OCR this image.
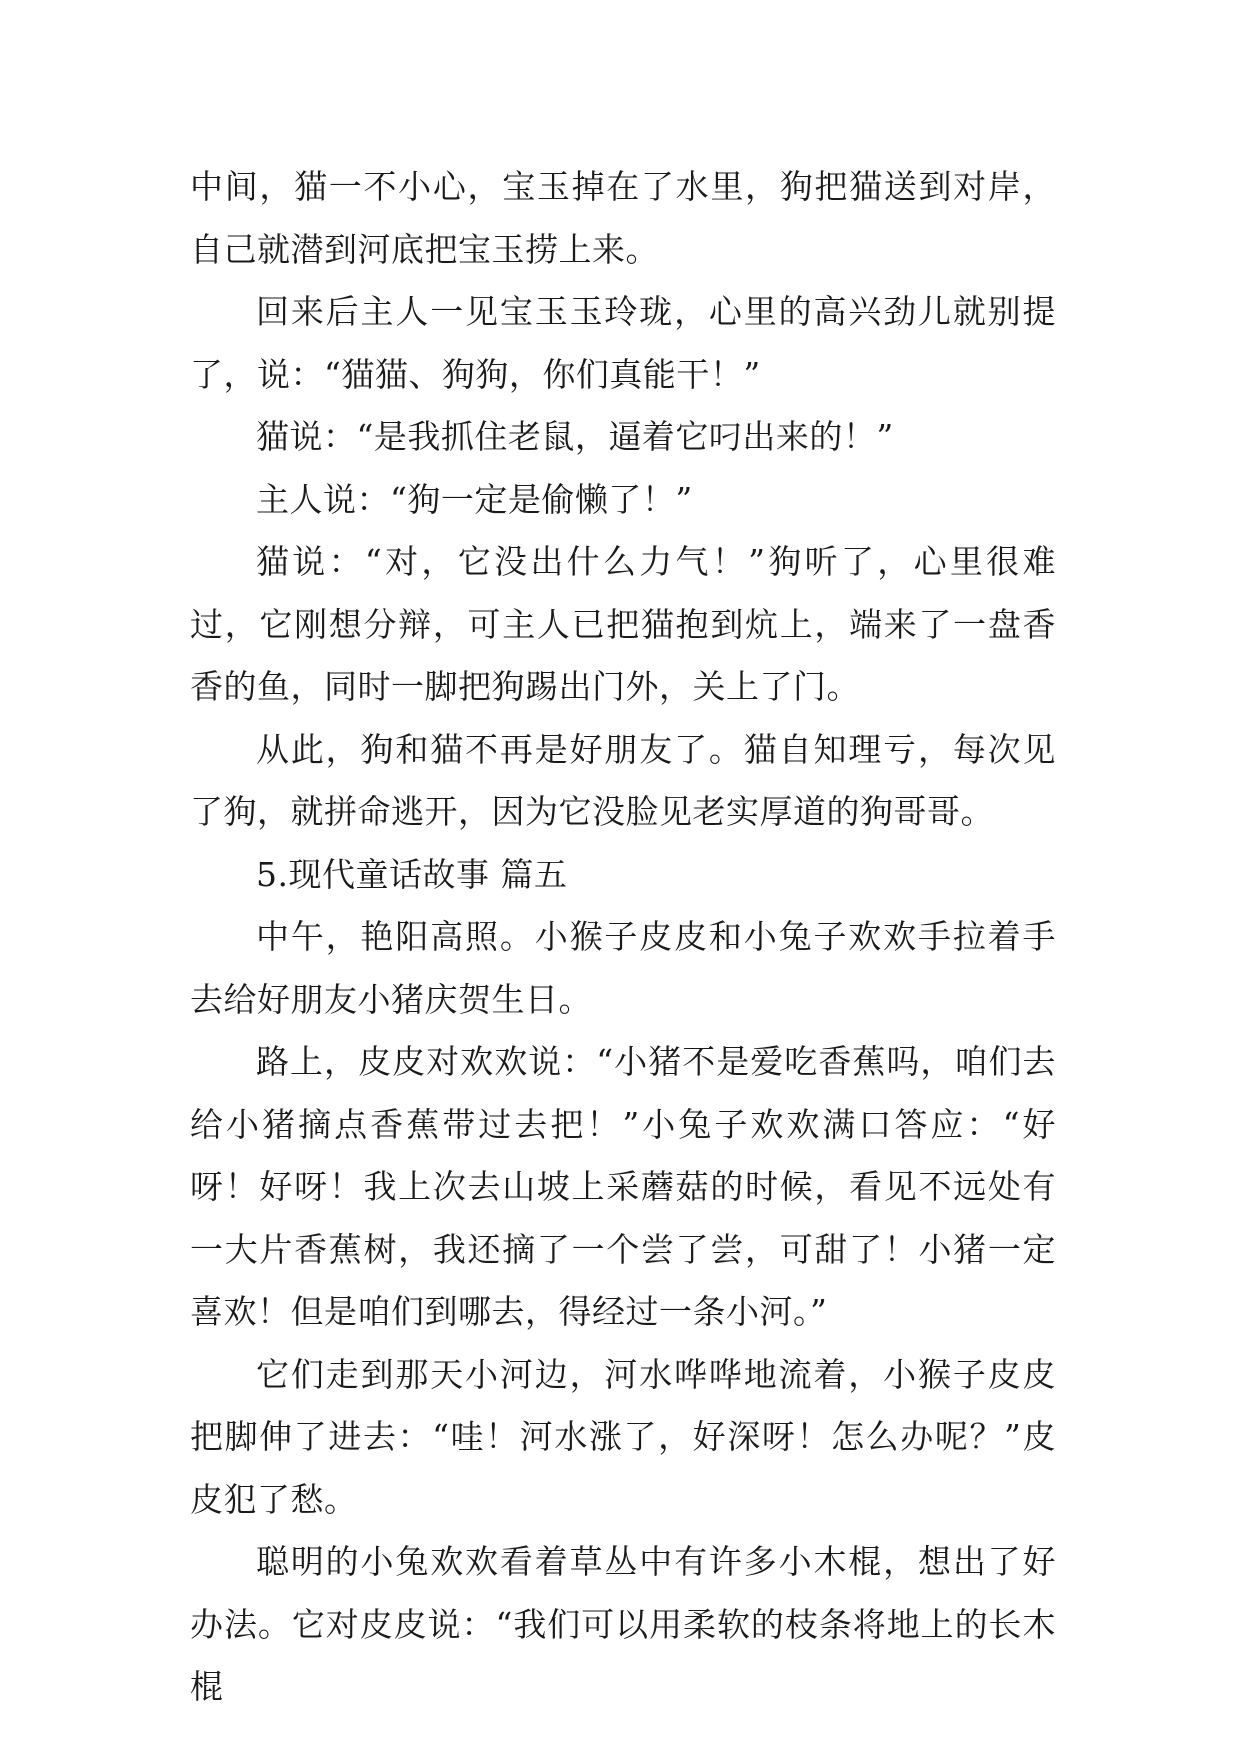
中间，猫一不小心，宝玉掉在了水里，狗把猫送到对岸，自己就潜到河底把宝玉捞上来。

回来后主人一见宝玉玉玲珑，心里的高兴劲儿就别提了，说：“猫猫、狗狗，你们真能干！”

猫说：“是我抓住老鼠，逼着它叼出来的！”

主人说：“狗一定是偷懒了！”

猫说：“对，它没出什么力气！”狗听了，心里很难过，它刚想分辩，可主人已把猫抱到炕上，端来了一盘香香的鱼，同时一脚把狗踢出门外，关上了门。

从此，狗和猫不再是好朋友了。猫自知理亏，每次见了狗，就拼命逃开，因为它没脸见老实厚道的狗哥哥。

5.现代童话故事 篇五

中午，艳阳高照。小猴子皮皮和小兔子欢欢手拉着手去给好朋友小猪庆贺生日。

路上，皮皮对欢欢说：“小猪不是爱吃香蕉吗，咱们去给小猪摘点香蕉带过去把！”小兔子欢欢满口答应：“好呀！好呀！我上次去山坡上采蘑菇的时候，看见不远处有一大片香蕉树，我还摘了一个尝了尝，可甜了！小猪一定喜欢！但是咱们到哪去，得经过一条小河。”

它们走到那天小河边，河水哗哗地流着，小猴子皮皮把脚伸了进去：“哇！河水涨了，好深呀！怎么办呢？”皮皮犯了愁。

聪明的小兔欢欢看着草丛中有许多小木棍，想出了好办法。它对皮皮说：“我们可以用柔软的枝条将地上的长木棍
